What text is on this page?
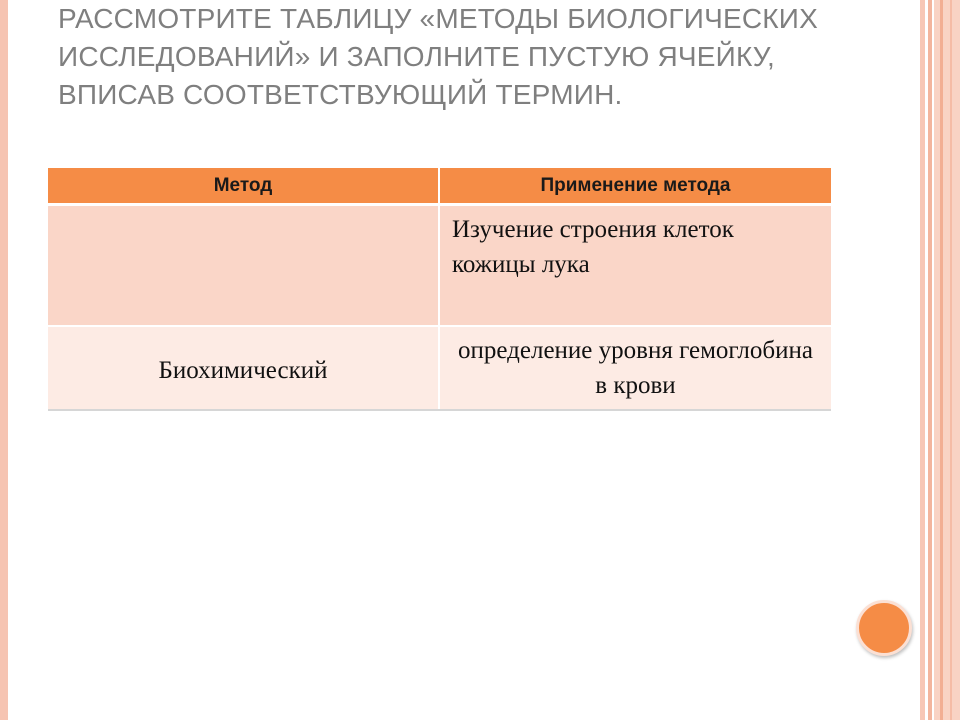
РАССМОТРИТЕ ТАБЛИЦУ «МЕТОДЫ БИОЛОГИЧЕСКИХ ИССЛЕДОВАНИЙ» И ЗАПОЛНИТЕ ПУСТУЮ ЯЧЕЙКУ, ВПИСАВ СООТВЕТСТВУЮЩИЙ ТЕРМИН.
Метод	Применение метода
	Изучение строения клеток кожицы лука
Биохимический	определение уровня гемоглобина в крови
